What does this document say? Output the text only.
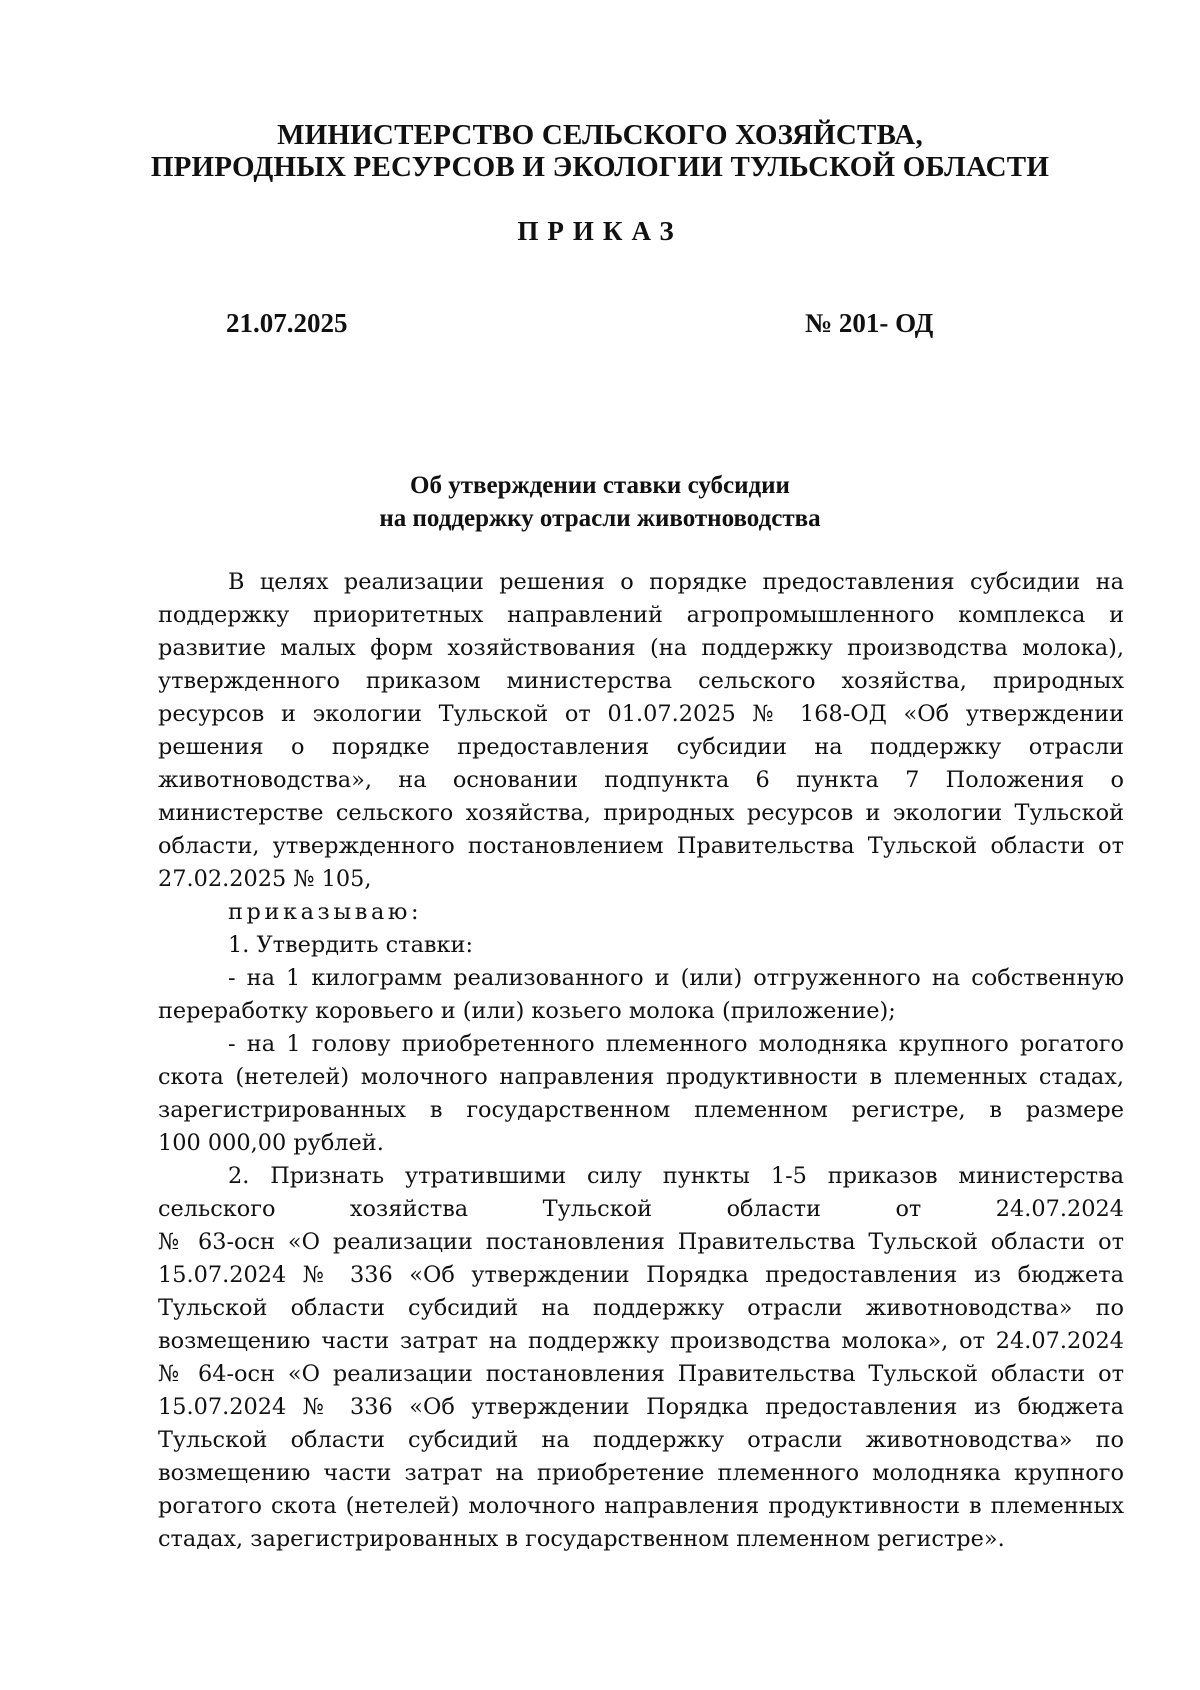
МИНИСТЕРСТВО СЕЛЬСКОГО ХОЗЯЙСТВА,
ПРИРОДНЫХ РЕСУРСОВ И ЭКОЛОГИИ ТУЛЬСКОЙ ОБЛАСТИ
ПРИКАЗ
21.07.2025	№ 201- ОД
Об утверждении ставки субсидии
на поддержку отрасли животноводства
В целях реализации решения о порядке предоставления субсидии на
поддержку приоритетных направлений агропромышленного комплекса и
развитие малых форм хозяйствования (на поддержку производства молока),
утвержденного приказом министерства сельского хозяйства, природных
ресурсов и экологии Тульской от 01.07.2025 № 168-ОД «Об утверждении
решения о порядке предоставления субсидии на поддержку отрасли
животноводства», на основании подпункта 6 пункта 7 Положения о
министерстве сельского хозяйства, природных ресурсов и экологии Тульской
области, утвержденного постановлением Правительства Тульской области от
27.02.2025 № 105,
приказываю:
1. Утвердить ставки:
- на 1 килограмм реализованного и (или) отгруженного на собственную
переработку коровьего и (или) козьего молока (приложение);
- на 1 голову приобретенного племенного молодняка крупного рогатого
скота (нетелей) молочного направления продуктивности в племенных стадах,
зарегистрированных в государственном племенном регистре, в размере
100 000,00 рублей.
2. Признать утратившими силу пункты 1-5 приказов министерства
сельского хозяйства Тульской области от 24.07.2024
№ 63-осн «О реализации постановления Правительства Тульской области от
15.07.2024 № 336 «Об утверждении Порядка предоставления из бюджета
Тульской области субсидий на поддержку отрасли животноводства» по
возмещению части затрат на поддержку производства молока», от 24.07.2024
№ 64-осн «О реализации постановления Правительства Тульской области от
15.07.2024 № 336 «Об утверждении Порядка предоставления из бюджета
Тульской области субсидий на поддержку отрасли животноводства» по
возмещению части затрат на приобретение племенного молодняка крупного
рогатого скота (нетелей) молочного направления продуктивности в племенных
стадах, зарегистрированных в государственном племенном регистре».
